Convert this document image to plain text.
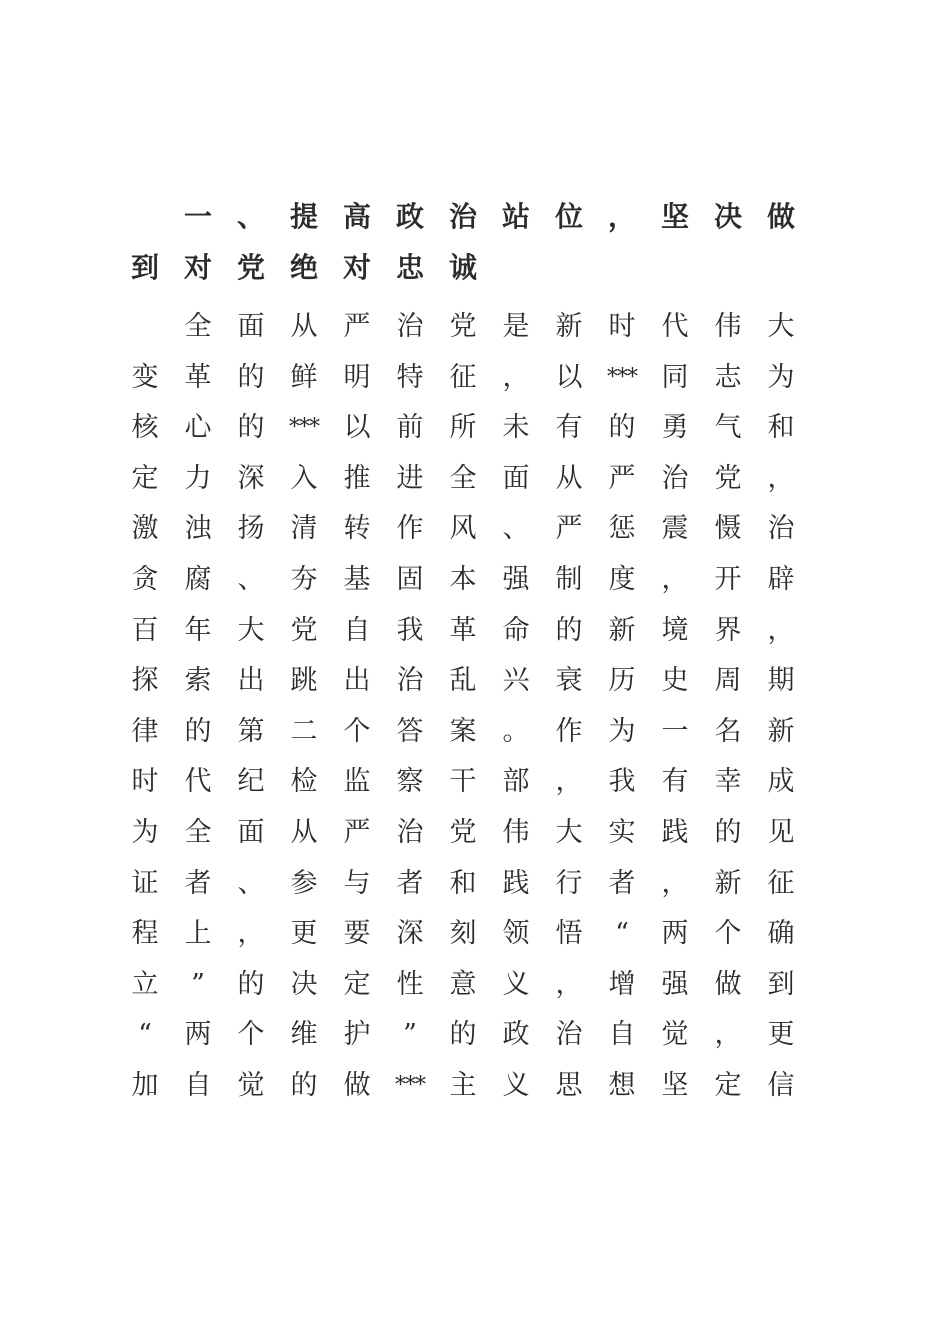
一 、 提 高 政 治 站 位 ， 坚 决 做
到 对 党 绝 对 忠 诚
全 面 从 严 治 党 是 新 时 代 伟 大
变 革 的 鲜 明 特 征 ， 以	*** 同 志 为
核 心 的	*** 以 前 所 未 有 的 勇 气 和
定 力 深 入 推 进 全 面 从 严 治 党 ，
激 浊 扬 清 转 作 风 、 严 惩 震 慑 治
贪 腐 、 夯 基 固 本 强 制 度 ， 开 辟
百 年 大 党 自 我 革 命 的 新 境 界 ，
探 索 出 跳 出 治 乱 兴 衰 历 史 周 期
律 的 第 二 个 答 案 。 作 为 一 名 新
时 代 纪 检 监 察 干 部 ， 我 有 幸 成
为 全 面 从 严 治 党 伟 大 实 践 的 见
证 者 、 参 与 者 和 践 行 者 ， 新 征
程 上 ， 更 要 深 刻 领 悟	“	两 个 确
立	”	的 决 定 性 意 义 ， 增 强 做 到
“	两 个 维 护	”	的 政 治 自 觉 ， 更
加 自 觉 的 做	*** 主 义 思 想 坚 定 信
